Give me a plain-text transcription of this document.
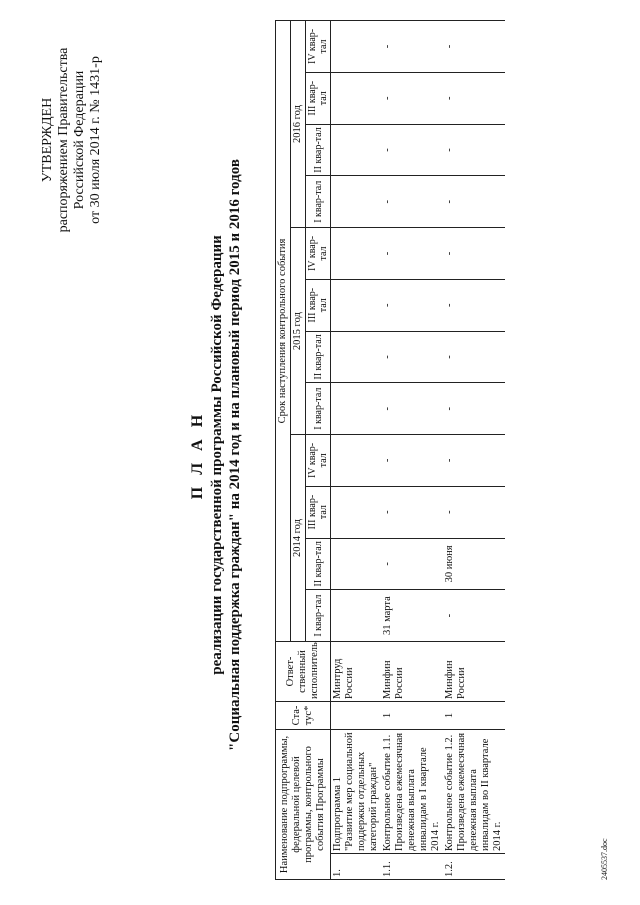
УТВЕРЖДЕН распоряжением Правительства Российской Федерации от 30 июля 2014 г. № 1431-р
П Л А Н реализации государственной программы Российской Федерации "Социальная поддержка граждан" на 2014 год и на плановый период 2015 и 2016 годов
Наименование подпрограммы, федеральной целевой программы, контрольного события Программы		Ста-тус*	Ответ-ственный исполнитель	Срок наступления контрольного события											
				2014 год				2015 год				2016 год			
				I квар-тал	II квар-тал	III квар-тал	IV квар-тал	I квар-тал	II квар-тал	III квар-тал	IV квар-тал	I квар-тал	II квар-тал	III квар-тал	IV квар-тал
1.	Подпрограмма 1 "Развитие мер социальной поддержки отдельных категорий граждан"		Минтруд России												
1.1.	Контрольное событие 1.1. Произведена ежемесячная денежная выплата инвалидам в I квартале 2014 г.	1	Минфин России	31 марта	-	-	-	-	-	-	-	-	-	-	-
1.2.	Контрольное событие 1.2. Произведена ежемесячная денежная выплата инвалидам во II квартале 2014 г.	1	Минфин России	-	30 июня	-	-	-	-	-	-	-	-	-	-
2405537.doc
